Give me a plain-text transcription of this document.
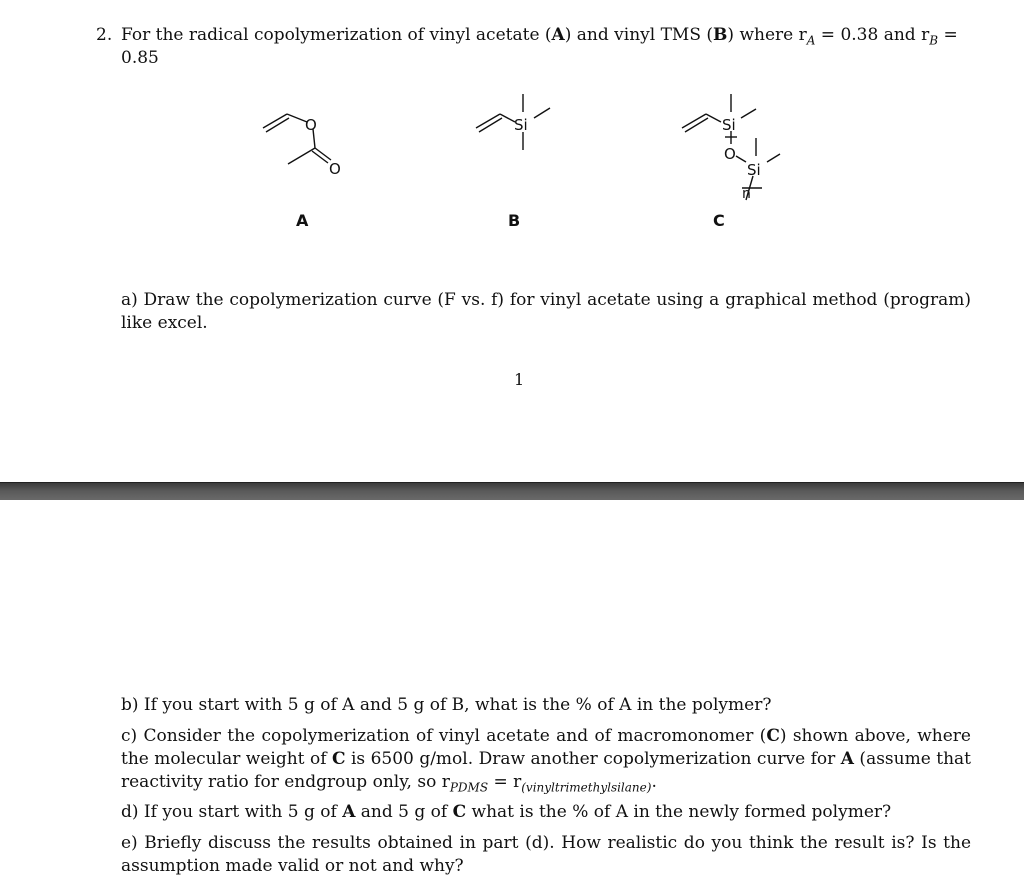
2. For the radical copolymerization of vinyl acetate (A) and vinyl TMS (B) where $r_A = 0.38$ and $r_B$ =
0.85
O
O
A
Si
B
Si
O
Si
n
C
a) Draw the copolymerization curve (F vs. f) for vinyl acetate using a graphical method (program) like excel.
1
b) If you start with 5 g of A and 5 g of B, what is the % of A in the polymer?
c) Consider the copolymerization of vinyl acetate and of macromonomer (C) shown above, where the molecular weight of C is 6500 g/mol. Draw another copolymerization curve for A (assume that reactivity ratio for endgroup only, so $r_{PDMS} = r_{(vinyltrimethylsilane)}$.
d) If you start with 5 g of A and 5 g of C what is the % of A in the newly formed polymer?
e) Briefly discuss the results obtained in part (d). How realistic do you think the result is? Is the assumption made valid or not and why?
